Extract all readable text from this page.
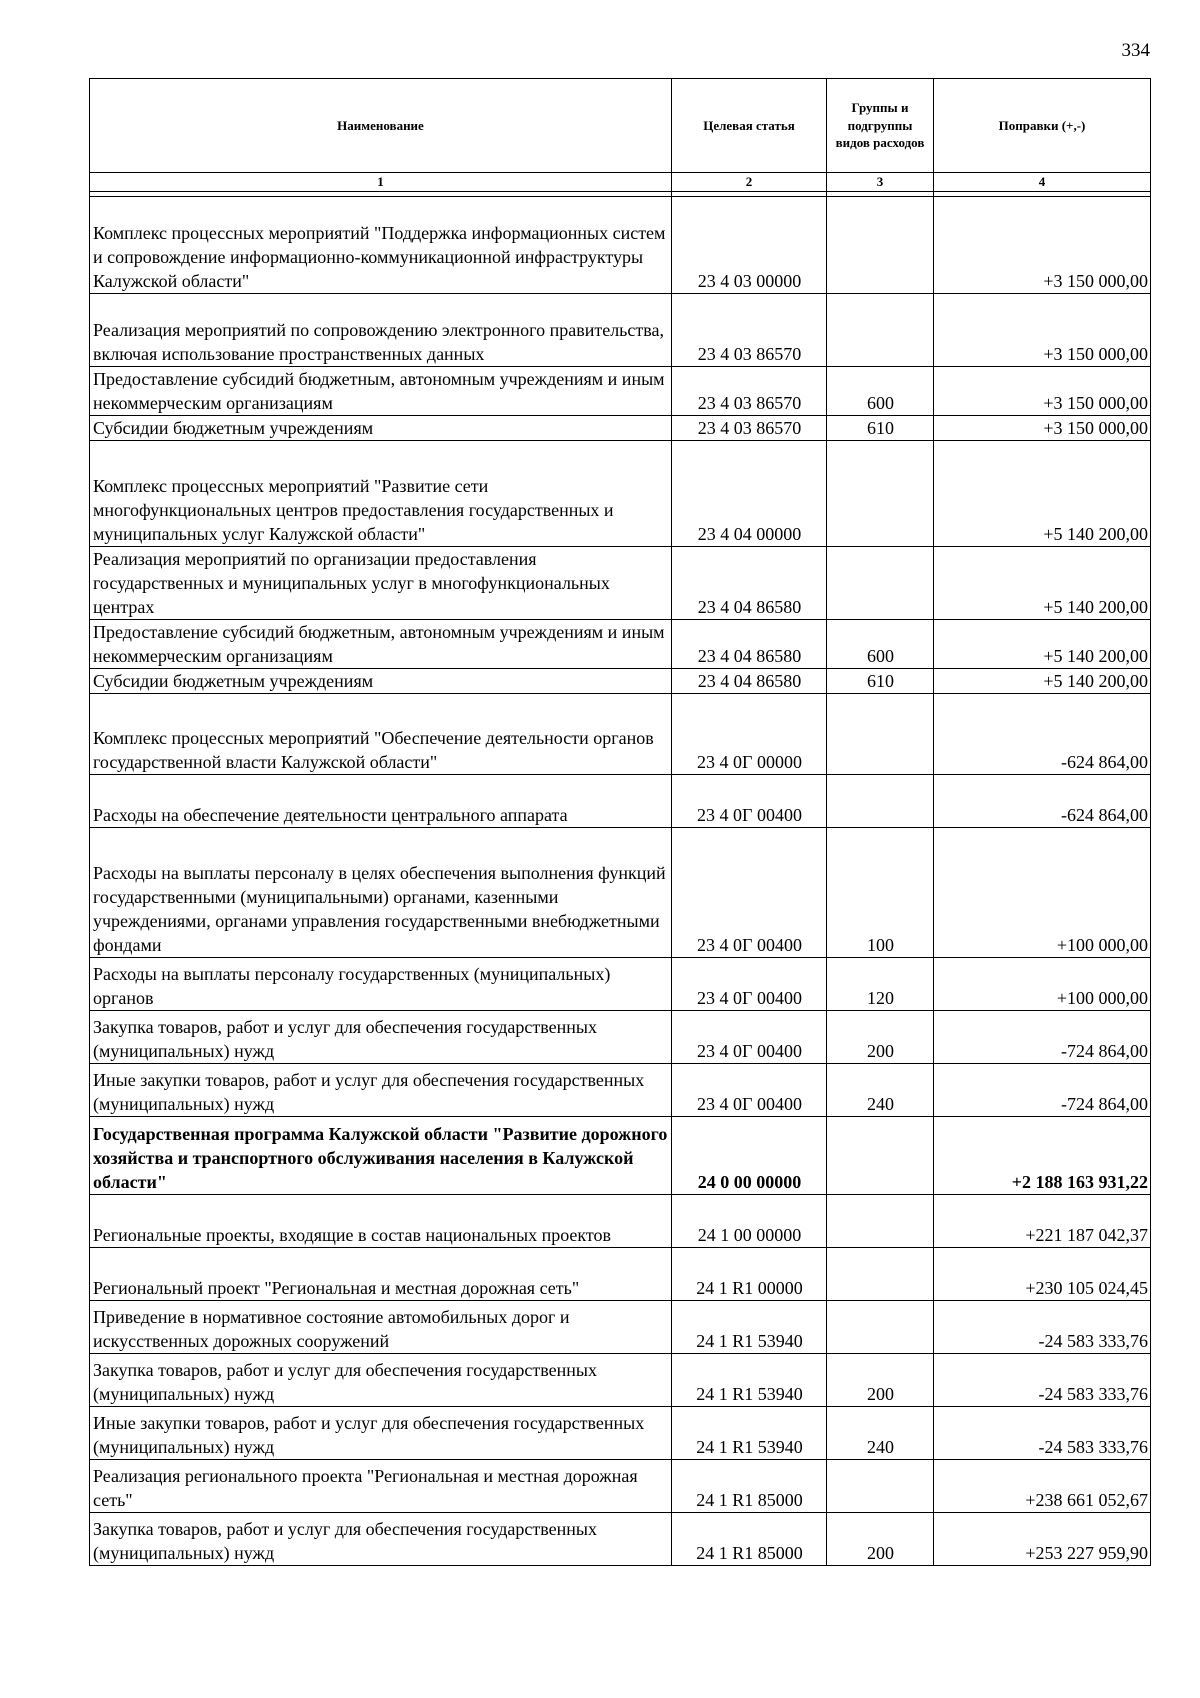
334
Наименование	Целевая статья	Группы и подгруппы видов расходов	Поправки (+,-)
1	2	3	4

Комплекс процессных мероприятий "Поддержка информационных систем и сопровождение информационно-коммуникационной инфраструктуры Калужской области"	23 4 03 00000		+3 150 000,00
Реализация мероприятий по сопровождению электронного правительства, включая использование пространственных данных	23 4 03 86570		+3 150 000,00
Предоставление субсидий бюджетным, автономным учреждениям и иным некоммерческим организациям	23 4 03 86570	600	+3 150 000,00
Субсидии бюджетным учреждениям	23 4 03 86570	610	+3 150 000,00
Комплекс процессных мероприятий "Развитие сети многофункциональных центров предоставления государственных и муниципальных услуг Калужской области"	23 4 04 00000		+5 140 200,00
Реализация мероприятий по организации предоставления государственных и муниципальных услуг в многофункциональных центрах	23 4 04 86580		+5 140 200,00
Предоставление субсидий бюджетным, автономным учреждениям и иным некоммерческим организациям	23 4 04 86580	600	+5 140 200,00
Субсидии бюджетным учреждениям	23 4 04 86580	610	+5 140 200,00
Комплекс процессных мероприятий "Обеспечение деятельности органов государственной власти Калужской области"	23 4 0Г 00000		-624 864,00
Расходы на обеспечение деятельности центрального аппарата	23 4 0Г 00400		-624 864,00
Расходы на выплаты персоналу в целях обеспечения выполнения функций государственными (муниципальными) органами, казенными учреждениями, органами управления государственными внебюджетными фондами	23 4 0Г 00400	100	+100 000,00
Расходы на выплаты персоналу государственных (муниципальных) органов	23 4 0Г 00400	120	+100 000,00
Закупка товаров, работ и услуг для обеспечения государственных (муниципальных) нужд	23 4 0Г 00400	200	-724 864,00
Иные закупки товаров, работ и услуг для обеспечения государственных (муниципальных) нужд	23 4 0Г 00400	240	-724 864,00
Государственная программа Калужской области "Развитие дорожного хозяйства и транспортного обслуживания населения в Калужской области"	24 0 00 00000		+2 188 163 931,22
Региональные проекты, входящие в состав национальных проектов	24 1 00 00000		+221 187 042,37
Региональный проект "Региональная и местная дорожная сеть"	24 1 R1 00000		+230 105 024,45
Приведение в нормативное состояние автомобильных дорог и искусственных дорожных сооружений	24 1 R1 53940		-24 583 333,76
Закупка товаров, работ и услуг для обеспечения государственных (муниципальных) нужд	24 1 R1 53940	200	-24 583 333,76
Иные закупки товаров, работ и услуг для обеспечения государственных (муниципальных) нужд	24 1 R1 53940	240	-24 583 333,76
Реализация регионального проекта "Региональная и местная дорожная сеть"	24 1 R1 85000		+238 661 052,67
Закупка товаров, работ и услуг для обеспечения государственных (муниципальных) нужд	24 1 R1 85000	200	+253 227 959,90
